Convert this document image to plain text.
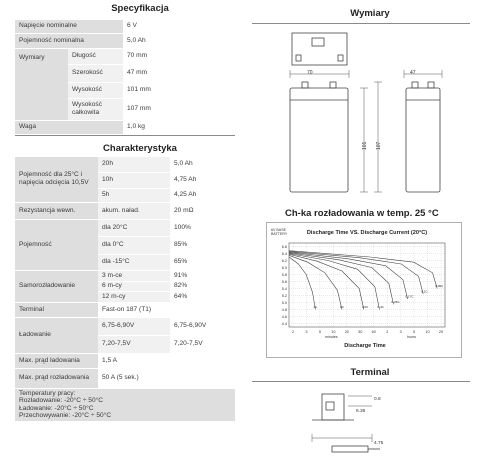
Specyfikacja
Napięcie nominalne		6 V
Pojemność nominalna		5,0 Ah
Wymiary	Długość	70 mm
	Szerokość	47 mm
	Wysokość	101 mm
	Wysokość całkowita	107 mm
Waga		1,0 kg
Charakterystyka
Pojemność dla 25°C i napięcia odcięcia 10,5V	20h	5,0 Ah
	10h	4,75 Ah
	5h	4,25 Ah
Rezystancja wewn.	akum. naład.	20 mΩ
Pojemność	dla 20°C	100%
	dla 0°C	85%
	dla -15°C	65%
Samorozładowanie	3 m-ce	91%
	6 m-cy	82%
	12 m-cy	64%
Terminal	Fast-on 187 (T1)	
Ładowanie	6,75-6,90V	6,75-6,90V
	7,20-7,5V	7,20-7,5V
Max. prąd ładowania	1,5 A	
Max. prąd rozładowania	50 A (5 sek.)	

Temperatury pracy:
Rozładowanie: -20°C ÷ 50°C
Ładowanie: -20°C ÷ 50°C
Przechowywanie: -20°C ÷ 50°C		
Wymiary
70
101 107
47
Ch-ka rozładowania w temp. 25 °C
Discharge Time VS. Discharge Current (20°C)
6V BASE
BATTERY
2C	1C	0.6C	0.4C
0.25C
0.17C
0.1C
0.05C
6.6
6.4
6.2
6.0
5.8
5.6
5.4
5.2
5.0
4.8
4.6
4.4
2	3	5	10 20 30 60	2	3	5	10 20
minutes	hours
Discharge Time
Terminal
6.35
0.8
4.75
